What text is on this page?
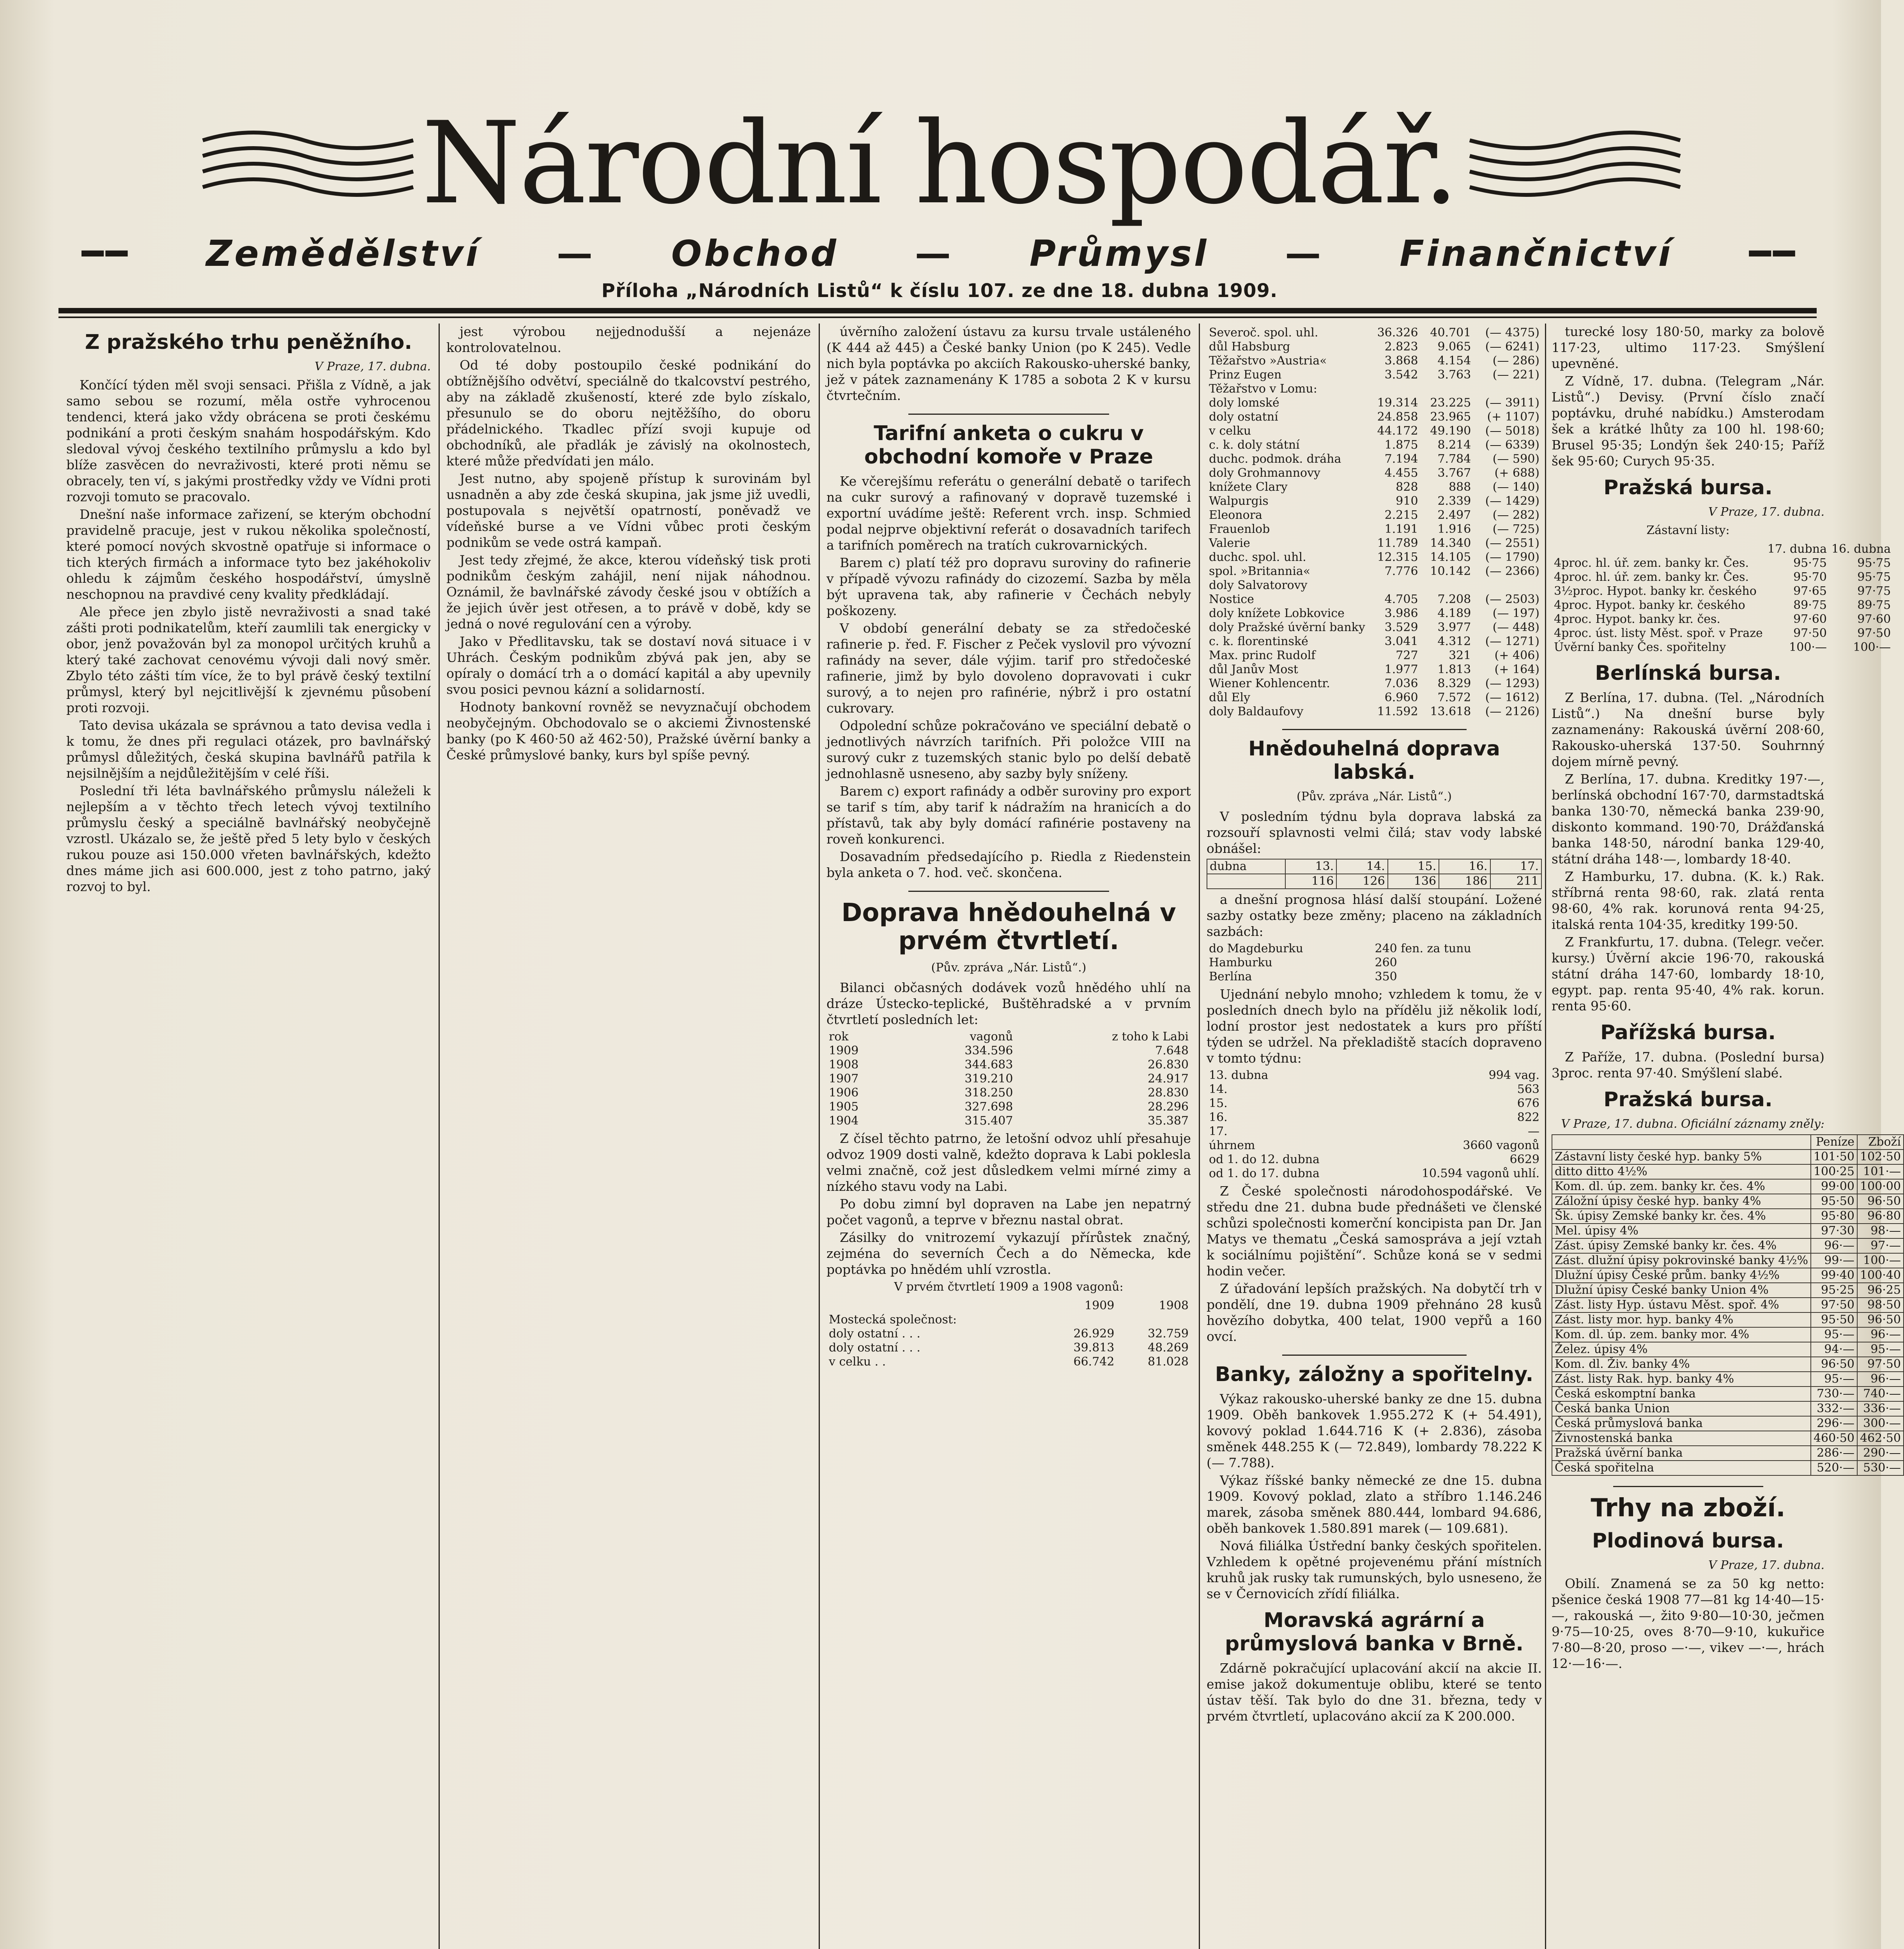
Národní hospodář.
━━ Zemědělství — Obchod — Průmysl — Finančnictví ━━
Příloha „Národních Listů“ k číslu 107. ze dne 18. dubna 1909.
Z pražského trhu peněžního.
V Praze, 17. dubna.

Končící týden měl svoji sensaci. Přišla z Vídně, a jak samo sebou se rozumí, měla ostře vyhrocenou tendenci, která jako vždy obrácena se proti českému podnikání a proti českým snahám hospodářským. Kdo sledoval vývoj českého textilního průmyslu a kdo byl blíže zasvěcen do nevraživosti, které proti němu se obracely, ten ví, s jakými prostředky vždy ve Vídni proti rozvoji tomuto se pracovalo.

Dnešní naše informace zařizení, se kterým obchodní pravidelně pracuje, jest v rukou několika společností, které pomocí nových skvostně opatřuje si informace o tich kterých firmách a informace tyto bez jakéhokoliv ohledu k zájmům českého hospodářství, úmyslně neschopnou na pravdivé ceny kvality předkládají.

Ale přece jen zbylo jistě nevraživosti a snad také zášti proti podnikatelům, kteří zaumlili tak energicky v obor, jenž považován byl za monopol určitých kruhů a který také zachovat cenovému vývoji dali nový směr. Zbylo této zášti tím více, že to byl právě český textilní průmysl, který byl nejcitlivější k zjevnému působení proti rozvoji.

Tato devisa ukázala se správnou a tato devisa vedla i k tomu, že dnes při regulaci otázek, pro bavlnářský průmysl důležitých, česká skupina bavlnářů patřila k nejsilnějším a nejdůležitějším v celé říši.

Poslední tři léta bavlnářského průmyslu náleželi k nejlepším a v těchto třech letech vývoj textilního průmyslu český a speciálně bavlnářský neobyčejně vzrostl. Ukázalo se, že ještě před 5 lety bylo v českých rukou pouze asi 150.000 vřeten bavlnářských, kdežto dnes máme jich asi 600.000, jest z toho patrno, jaký rozvoj to byl.

jest výrobou nejjednodušší a nejenáze kontrolovatelnou.

Od té doby postoupilo české podnikání do obtížnějšího odvětví, speciálně do tkalcovství pestrého, aby na základě zkušeností, které zde bylo získalo, přesunulo se do oboru nejtěžšího, do oboru přádelnického. Tkadlec přízí svoji kupuje od obchodníků, ale přadlák je závislý na okolnostech, které může předvídati jen málo.

Jest nutno, aby spojeně přístup k surovinám byl usnadněn a aby zde česká skupina, jak jsme již uvedli, postupovala s největší opatrností, poněvadž ve vídeňské burse a ve Vídni vůbec proti českým podnikům se vede ostrá kampaň.

Jest tedy zřejmé, že akce, kterou vídeňský tisk proti podnikům českým zahájil, není nijak náhodnou. Oznámil, že bavlnářské závody české jsou v obtížích a že jejich úvěr jest otřesen, a to právě v době, kdy se jedná o nové regulování cen a výroby.

Jako v Předlitavsku, tak se dostaví nová situace i v Uhrách. Českým podnikům zbývá pak jen, aby se opíraly o domácí trh a o domácí kapitál a aby upevnily svou posici pevnou kázní a solidarností.

Hodnoty bankovní rovněž se nevyznačují obchodem neobyčejným. Obchodovalo se o akciemi Živnostenské banky (po K 460·50 až 462·50), Pražské úvěrní banky a České průmyslové banky, kurs byl spíše pevný.

úvěrního založení ústavu za kursu trvale ustáleného (K 444 až 445) a České banky Union (po K 245). Vedle nich byla poptávka po akciích Rakousko-uherské banky, jež v pátek zaznamenány K 1785 a sobota 2 K v kursu čtvrtečním.

Tarifní anketa o cukru v obchodní komoře v Praze

Ke včerejšímu referátu o generální debatě o tarifech na cukr surový a rafinovaný v dopravě tuzemské i exportní uvádíme ještě: Referent vrch. insp. Schmied podal nejprve objektivní referát o dosavadních tarifech a tarifních poměrech na tratích cukrovarnických.

Barem c) platí též pro dopravu suroviny do rafinerie v případě vývozu rafinády do cizozemí. Sazba by měla být upravena tak, aby rafinerie v Čechách nebyly poškozeny.

V období generální debaty se za středočeské rafinerie p. řed. F. Fischer z Peček vyslovil pro vývozní rafinády na sever, dále výjim. tarif pro středočeské rafinerie, jimž by bylo dovoleno dopravovati i cukr surový, a to nejen pro rafinérie, nýbrž i pro ostatní cukrovary.

Odpolední schůze pokračováno ve speciální debatě o jednotlivých návrzích tarifních. Při položce VIII na surový cukr z tuzemských stanic bylo po delší debatě jednohlasně usneseno, aby sazby byly sníženy.

Barem c) export rafinády a odběr suroviny pro export se tarif s tím, aby tarif k nádražím na hranicích a do přístavů, tak aby byly domácí rafinérie postaveny na roveň konkurenci.

Dosavadním předsedajícího p. Riedla z Riedenstein byla anketa o 7. hod. več. skončena.

Doprava hnědouhelná v prvém čtvrtletí.
(Pův. zpráva „Nár. Listů“.)

Bilanci občasných dodávek vozů hnědého uhlí na dráze Ústecko-teplické, Buštěhradské a v prvním čtvrtletí posledních let:

rok	vagonů	z toho k Labi
1909	334.596	7.648
1908	344.683	26.830
1907	319.210	24.917
1906	318.250	28.830
1905	327.698	28.296
1904	315.407	35.387

Z čísel těchto patrno, že letošní odvoz uhlí přesahuje odvoz 1909 dosti valně, kdežto doprava k Labi poklesla velmi značně, což jest důsledkem velmi mírné zimy a nízkého stavu vody na Labi.

Po dobu zimní byl dopraven na Labe jen nepatrný počet vagonů, a teprve v březnu nastal obrat.

Zásilky do vnitrozemí vykazují přírůstek značný, zejména do severních Čech a do Německa, kde poptávka po hnědém uhlí vzrostla.

V prvém čtvrtletí 1909 a 1908 vagonů:
	1909	1908
Mostecká společnost:		
doly ostatní . . .	26.929	32.759
doly ostatní . . .	39.813	48.269
v celku . .	66.742	81.028
Severoč. spol. uhl.	36.326	40.701	(— 4375)
důl Habsburg	2.823	9.065	(— 6241)
Těžařstvo »Austria«	3.868	4.154	(— 286)
Prinz Eugen	3.542	3.763	(— 221)
Těžařstvo v Lomu:			
doly lomské	19.314	23.225	(— 3911)
doly ostatní	24.858	23.965	(+ 1107)
v celku	44.172	49.190	(— 5018)
c. k. doly státní	1.875	8.214	(— 6339)
duchc. podmok. dráha	7.194	7.784	(— 590)
doly Grohmannovy	4.455	3.767	(+ 688)
knížete Clary	828	888	(— 140)
Walpurgis	910	2.339	(— 1429)
Eleonora	2.215	2.497	(— 282)
Frauenlob	1.191	1.916	(— 725)
Valerie	11.789	14.340	(— 2551)
duchc. spol. uhl.	12.315	14.105	(— 1790)
spol. »Britannia«	7.776	10.142	(— 2366)
doly Salvatorovy			
Nostice	4.705	7.208	(— 2503)
doly knížete Lobkovice	3.986	4.189	(— 197)
doly Pražské úvěrní banky	3.529	3.977	(— 448)
c. k. florentinské	3.041	4.312	(— 1271)
Max. princ Rudolf	727	321	(+ 406)
důl Janův Most	1.977	1.813	(+ 164)
Wiener Kohlencentr.	7.036	8.329	(— 1293)
důl Ely	6.960	7.572	(— 1612)
doly Baldaufovy	11.592	13.618	(— 2126)
Hnědouhelná doprava labská.
(Pův. zpráva „Nár. Listů“.)

V posledním týdnu byla doprava labská za rozsouří splavnosti velmi čilá; stav vody labské obnášel:

dubna	13.	14.	15.	16.	17.
	116	126	136	186	211

a dnešní prognosa hlásí další stoupání. Ložené sazby ostatky beze změny; placeno na základních sazbách:

do Magdeburku	240 fen. za tunu
Hamburku	260
Berlína	350

Ujednání nebylo mnoho; vzhledem k tomu, že v posledních dnech bylo na přídělu již několik lodí, lodní prostor jest nedostatek a kurs pro příští týden se udržel. Na překladiště stacích dopraveno v tomto týdnu:

13. dubna	994 vag.
14.	563
15.	676
16.	822
17.	—
úhrnem	3660 vagonů
od 1. do 12. dubna	6629
od 1. do 17. dubna	10.594 vagonů uhlí.

Z České společnosti národohospodářské. Ve středu dne 21. dubna bude přednášeti ve členské schůzi společnosti komerční koncipista pan Dr. Jan Matys ve thematu „Česká samospráva a její vztah k sociálnímu pojištění“. Schůze koná se v sedmi hodin večer.

Z úřadování lepších pražských. Na dobytčí trh v pondělí, dne 19. dubna 1909 přehnáno 28 kusů hovězího dobytka, 400 telat, 1900 vepřů a 160 ovcí.

Banky, záložny a spořitelny.

Výkaz rakousko-uherské banky ze dne 15. dubna 1909. Oběh bankovek 1.955.272 K (+ 54.491), kovový poklad 1.644.716 K (+ 2.836), zásoba směnek 448.255 K (— 72.849), lombardy 78.222 K (— 7.788).

Výkaz říšské banky německé ze dne 15. dubna 1909. Kovový poklad, zlato a stříbro 1.146.246 marek, zásoba směnek 880.444, lombard 94.686, oběh bankovek 1.580.891 marek (— 109.681).

Nová filiálka Ústřední banky českých spořitelen. Vzhledem k opětné projevenému přání místních kruhů jak rusky tak rumunských, bylo usneseno, že se v Černovicích zřídí filiálka.

Moravská agrární a průmyslová banka v Brně.

Zdárně pokračující uplacování akcií na akcie II. emise jakož dokumentuje oblibu, které se tento ústav těší. Tak bylo do dne 31. března, tedy v prvém čtvrtletí, uplacováno akcií za K 200.000.

turecké losy 180·50, marky za bolově 117·23, ultimo 117·23. Smýšlení upevněné.

Z Vídně, 17. dubna. (Telegram „Nár. Listů“.) Devisy. (První číslo značí poptávku, druhé nabídku.) Amsterodam šek a krátké lhůty za 100 hl. 198·60; Brusel 95·35; Londýn šek 240·15; Paříž šek 95·60; Curych 95·35.

Pražská bursa.
V Praze, 17. dubna.
Zástavní listy:
	17. dubna	16. dubna
4proc. hl. úř. zem. banky kr. Čes.	95·75	95·75
4proc. hl. úř. zem. banky kr. Čes.	95·70	95·75
3½proc. Hypot. banky kr. českého	97·65	97·75
4proc. Hypot. banky kr. českého	89·75	89·75
4proc. Hypot. banky kr. čes.	97·60	97·60
4proc. úst. listy Měst. spoř. v Praze	97·50	97·50
Úvěrní banky Čes. spořitelny	100·—	100·—
Berlínská bursa.

Z Berlína, 17. dubna. (Tel. „Národních Listů“.) Na dnešní burse byly zaznamenány: Rakouská úvěrní 208·60, Rakousko-uherská 137·50. Souhrnný dojem mírně pevný.

Z Berlína, 17. dubna. Kreditky 197·—, berlínská obchodní 167·70, darmstadtská banka 130·70, německá banka 239·90, diskonto kommand. 190·70, Drážďanská banka 148·50, národní banka 129·40, státní dráha 148·—, lombardy 18·40.

Z Hamburku, 17. dubna. (K. k.) Rak. stříbrná renta 98·60, rak. zlatá renta 98·60, 4% rak. korunová renta 94·25, italská renta 104·35, kreditky 199·50.

Z Frankfurtu, 17. dubna. (Telegr. večer. kursy.) Úvěrní akcie 196·70, rakouská státní dráha 147·60, lombardy 18·10, egypt. pap. renta 95·40, 4% rak. korun. renta 95·60.

Pařížská bursa.

Z Paříže, 17. dubna. (Poslední bursa) 3proc. renta 97·40. Smýšlení slabé.

Pražská bursa.
V Praze, 17. dubna. Oficiální záznamy zněly:
	Peníze	Zboží
Zástavní listy české hyp. banky 5%	101·50	102·50
ditto ditto 4½%	100·25	101·—
Kom. dl. úp. zem. banky kr. čes. 4%	99·00	100·00
Záložní úpisy české hyp. banky 4%	95·50	96·50
Šk. úpisy Zemské banky kr. čes. 4%	95·80	96·80
Mel. úpisy 4%	97·30	98·—
Zást. úpisy Zemské banky kr. čes. 4%	96·—	97·—
Zást. dlužní úpisy pokrovinské banky 4½%	99·—	100·—
Dlužní úpisy České prům. banky 4½%	99·40	100·40
Dlužní úpisy České banky Union 4%	95·25	96·25
Zást. listy Hyp. ústavu Měst. spoř. 4%	97·50	98·50
Zást. listy mor. hyp. banky 4%	95·50	96·50
Kom. dl. úp. zem. banky mor. 4%	95·—	96·—
Želez. úpisy 4%	94·—	95·—
Kom. dl. Živ. banky 4%	96·50	97·50
Zást. listy Rak. hyp. banky 4%	95·—	96·—
Česká eskomptní banka	730·—	740·—
Česká banka Union	332·—	336·—
Česká průmyslová banka	296·—	300·—
Živnostenská banka	460·50	462·50
Pražská úvěrní banka	286·—	290·—
Česká spořitelna	520·—	530·—
Trhy na zboží.
Plodinová bursa.
V Praze, 17. dubna.

Obilí. Znamená se za 50 kg netto: pšenice česká 1908 77—81 kg 14·40—15·—, rakouská —, žito 9·80—10·30, ječmen 9·75—10·25, oves 8·70—9·10, kukuřice 7·80—8·20, proso —·—, vikev —·—, hrách 12·—16·—.
